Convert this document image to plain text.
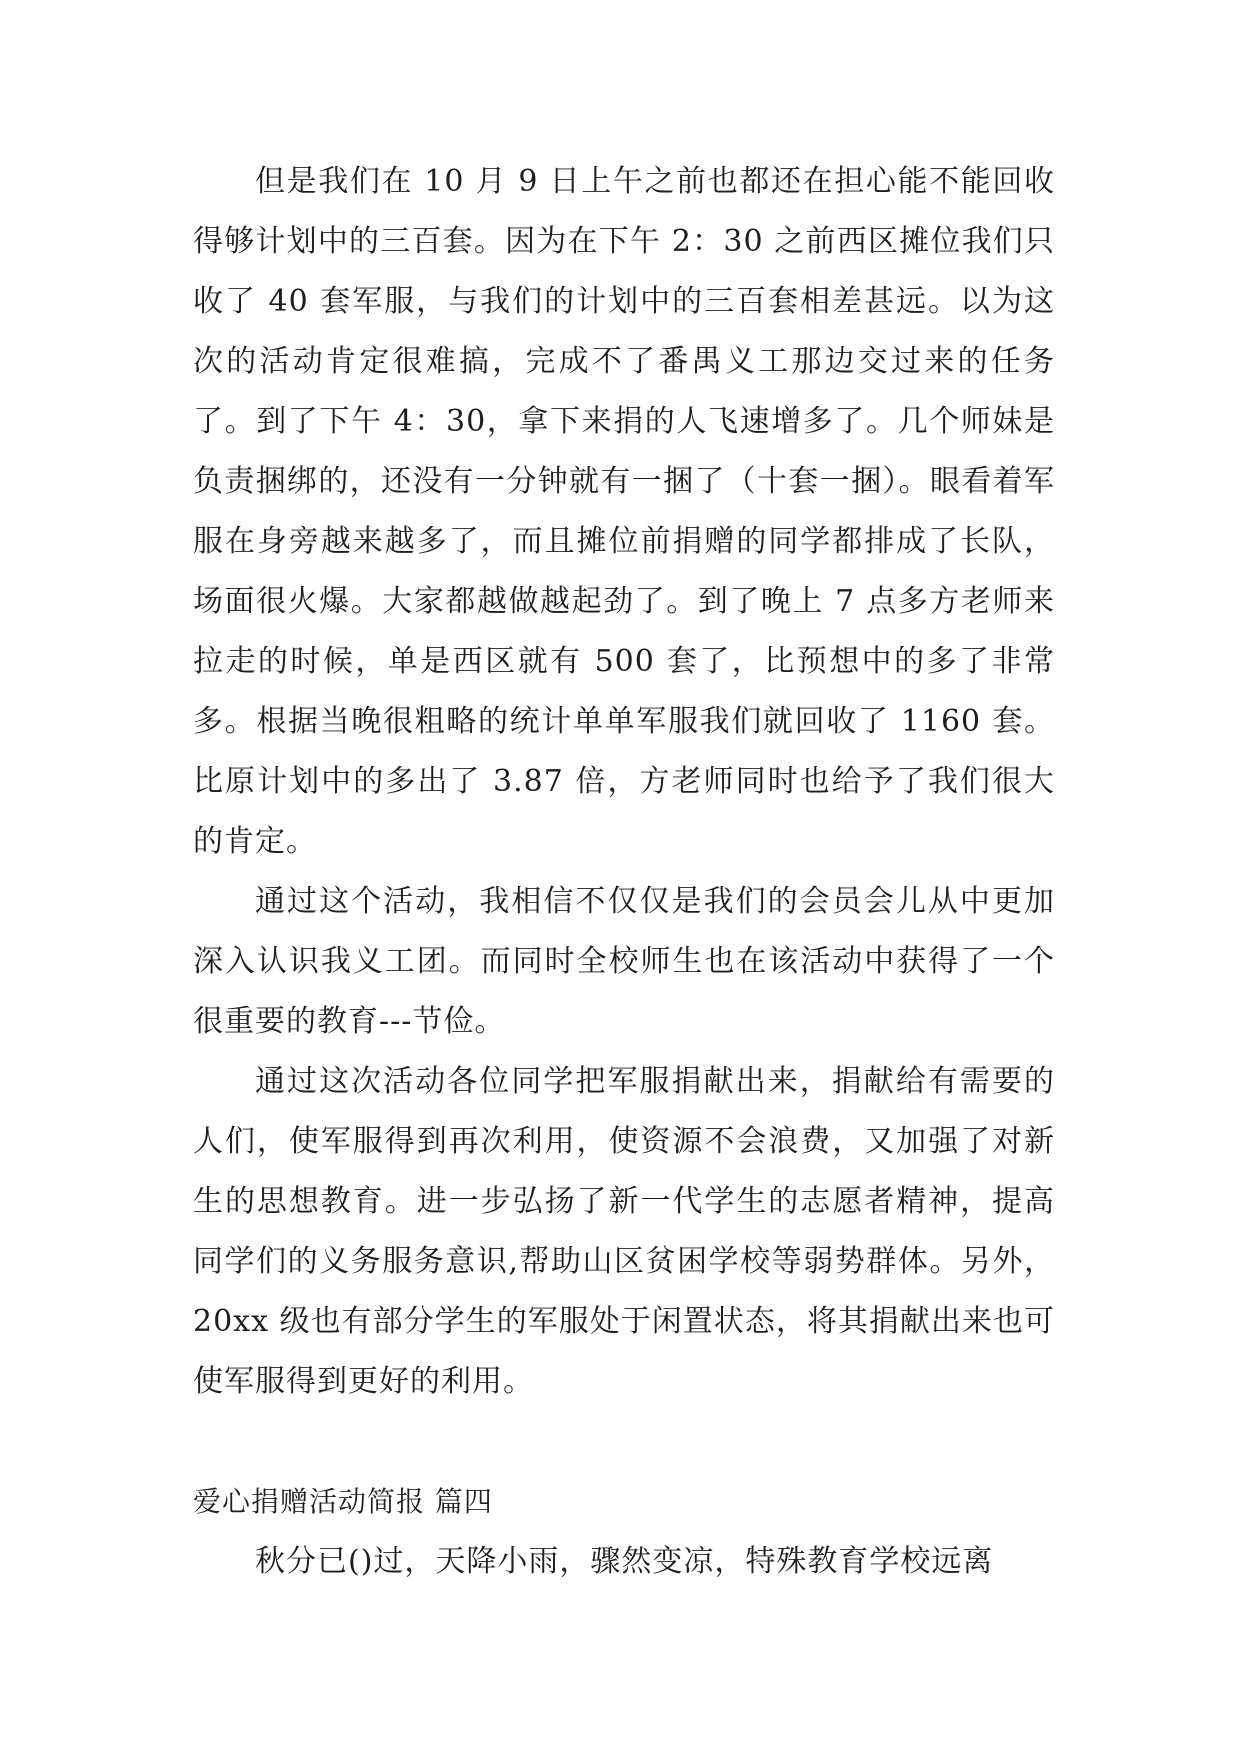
但是我们在 10 月 9 日上午之前也都还在担心能不能回收得够计划中的三百套。因为在下午 2：30 之前西区摊位我们只收了 40 套军服，与我们的计划中的三百套相差甚远。以为这次的活动肯定很难搞，完成不了番禺义工那边交过来的任务了。到了下午 4：30，拿下来捐的人飞速增多了。几个师妹是负责捆绑的，还没有一分钟就有一捆了（十套一捆）。眼看着军服在身旁越来越多了，而且摊位前捐赠的同学都排成了长队，场面很火爆。大家都越做越起劲了。到了晚上 7 点多方老师来拉走的时候，单是西区就有 500 套了，比预想中的多了非常多。根据当晚很粗略的统计单单军服我们就回收了 1160 套。比原计划中的多出了 3.87 倍，方老师同时也给予了我们很大的肯定。

通过这个活动，我相信不仅仅是我们的会员会儿从中更加深入认识我义工团。而同时全校师生也在该活动中获得了一个很重要的教育---节俭。

通过这次活动各位同学把军服捐献出来，捐献给有需要的人们，使军服得到再次利用，使资源不会浪费，又加强了对新生的思想教育。进一步弘扬了新一代学生的志愿者精神，提高同学们的义务服务意识,帮助山区贫困学校等弱势群体。另外，20xx 级也有部分学生的军服处于闲置状态，将其捐献出来也可使军服得到更好的利用。

爱心捐赠活动简报 篇四

秋分已()过，天降小雨，骤然变凉，特殊教育学校远离
